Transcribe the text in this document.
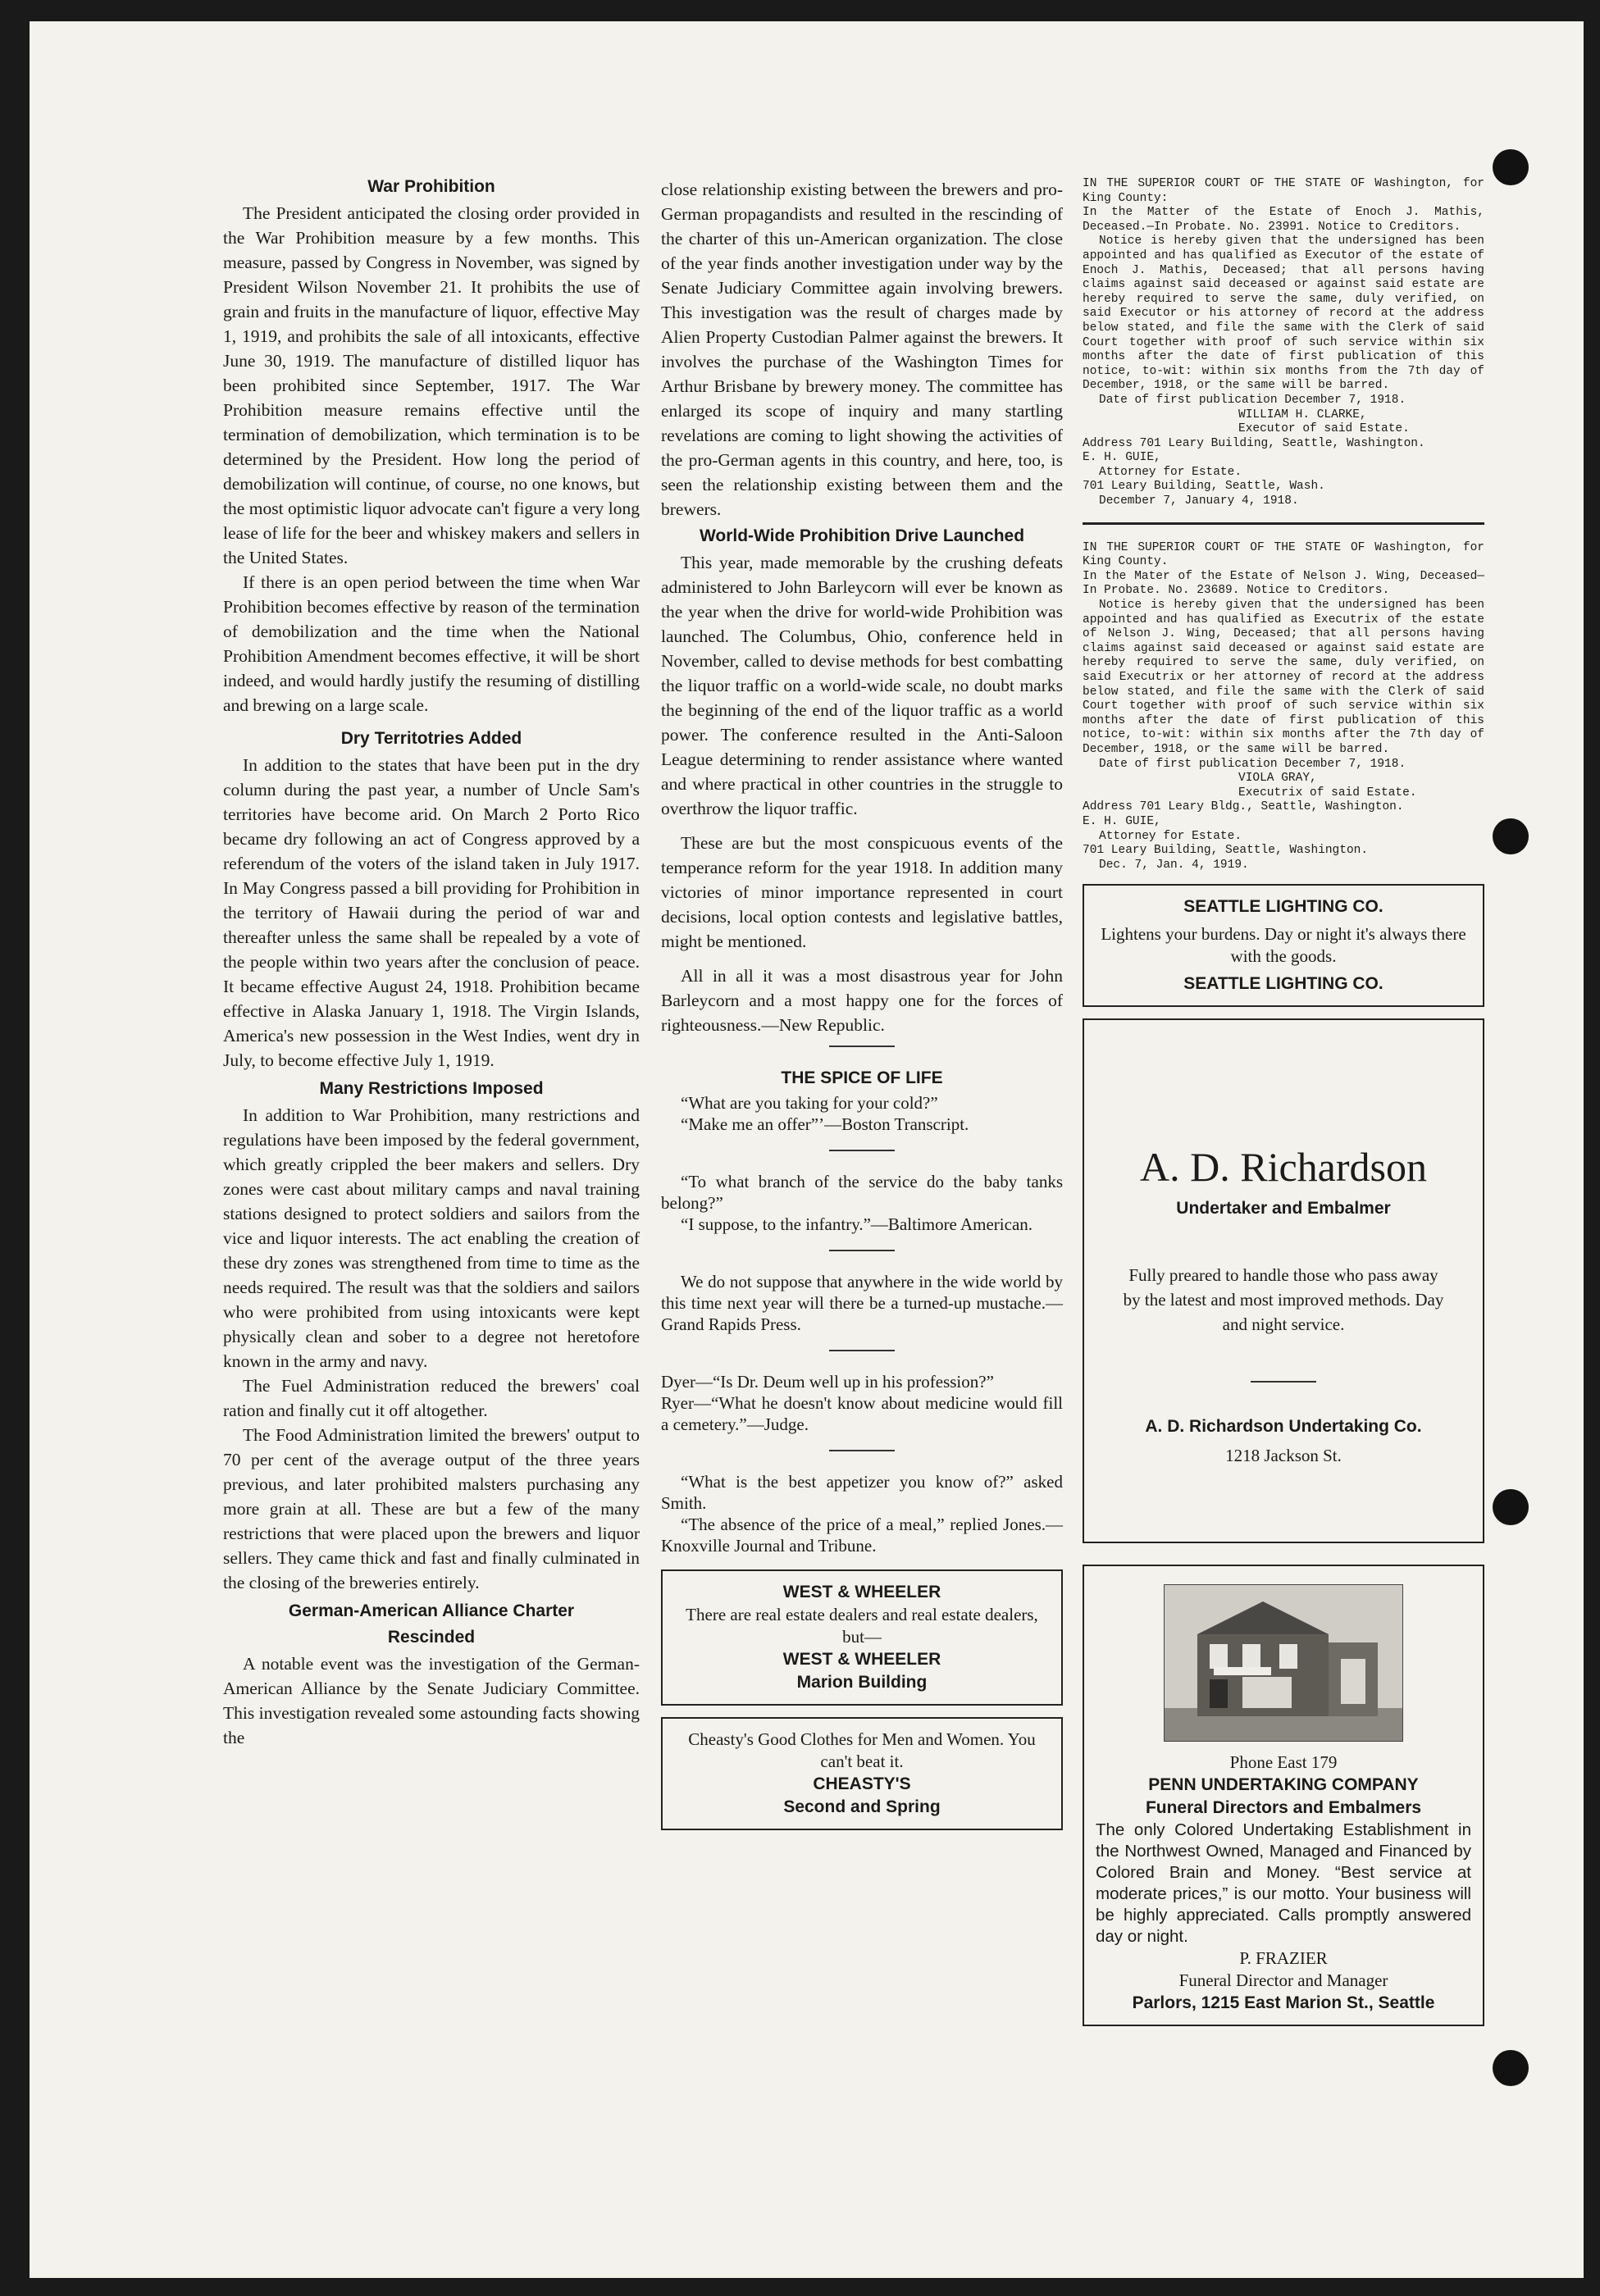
War Prohibition

The President anticipated the closing order provided in the War Prohibition measure by a few months. This measure, passed by Congress in November, was signed by President Wilson November 21. It prohibits the use of grain and fruits in the manufacture of liquor, effective May 1, 1919, and prohibits the sale of all intoxicants, effective June 30, 1919. The manufacture of distilled liquor has been prohibited since September, 1917. The War Prohibition measure remains effective until the termination of demobilization, which termination is to be determined by the President. How long the period of demobilization will continue, of course, no one knows, but the most optimistic liquor advocate can't figure a very long lease of life for the beer and whiskey makers and sellers in the United States.

If there is an open period between the time when War Prohibition becomes effective by reason of the termination of demobilization and the time when the National Prohibition Amendment becomes effective, it will be short indeed, and would hardly justify the resuming of distilling and brewing on a large scale.

Dry Territotries Added

In addition to the states that have been put in the dry column during the past year, a number of Uncle Sam's territories have become arid. On March 2 Porto Rico became dry following an act of Congress approved by a referendum of the voters of the island taken in July 1917. In May Congress passed a bill providing for Prohibition in the territory of Hawaii during the period of war and thereafter unless the same shall be repealed by a vote of the people within two years after the conclusion of peace. It became effective August 24, 1918. Prohibition became effective in Alaska January 1, 1918. The Virgin Islands, America's new possession in the West Indies, went dry in July, to become effective July 1, 1919.

Many Restrictions Imposed

In addition to War Prohibition, many restrictions and regulations have been imposed by the federal government, which greatly crippled the beer makers and sellers. Dry zones were cast about military camps and naval training stations designed to protect soldiers and sailors from the vice and liquor interests. The act enabling the creation of these dry zones was strengthened from time to time as the needs required. The result was that the soldiers and sailors who were prohibited from using intoxicants were kept physically clean and sober to a degree not heretofore known in the army and navy.

The Fuel Administration reduced the brewers' coal ration and finally cut it off altogether.

The Food Administration limited the brewers' output to 70 per cent of the average output of the three years previous, and later prohibited malsters purchasing any more grain at all. These are but a few of the many restrictions that were placed upon the brewers and liquor sellers. They came thick and fast and finally culminated in the closing of the breweries entirely.

German-American Alliance Charter
Rescinded

A notable event was the investigation of the German-American Alliance by the Senate Judiciary Committee. This investigation revealed some astounding facts showing the

close relationship existing between the brewers and pro-German propagandists and resulted in the rescinding of the charter of this un-American organization. The close of the year finds another investigation under way by the Senate Judiciary Committee again involving brewers. This investigation was the result of charges made by Alien Property Custodian Palmer against the brewers. It involves the purchase of the Washington Times for Arthur Brisbane by brewery money. The committee has enlarged its scope of inquiry and many startling revelations are coming to light showing the activities of the pro-German agents in this country, and here, too, is seen the relationship existing between them and the brewers.

World-Wide Prohibition Drive Launched

This year, made memorable by the crushing defeats administered to John Barleycorn will ever be known as the year when the drive for world-wide Prohibition was launched. The Columbus, Ohio, conference held in November, called to devise methods for best combatting the liquor traffic on a world-wide scale, no doubt marks the beginning of the end of the liquor traffic as a world power. The conference resulted in the Anti-Saloon League determining to render assistance where wanted and where practical in other countries in the struggle to overthrow the liquor traffic.

These are but the most conspicuous events of the temperance reform for the year 1918. In addition many victories of minor importance represented in court decisions, local option contests and legislative battles, might be mentioned.

All in all it was a most disastrous year for John Barleycorn and a most happy one for the forces of righteousness.—New Republic.

THE SPICE OF LIFE

“What are you taking for your cold?”

“Make me an offer”’—Boston Transcript.

“To what branch of the service do the baby tanks belong?”

“I suppose, to the infantry.”—Baltimore American.

We do not suppose that anywhere in the wide world by this time next year will there be a turned-up mustache.—Grand Rapids Press.

Dyer—“Is Dr. Deum well up in his profession?”

Ryer—“What he doesn't know about medicine would fill a cemetery.”—Judge.

“What is the best appetizer you know of?” asked Smith.

“The absence of the price of a meal,” replied Jones.—Knoxville Journal and Tribune.

WEST & WHEELER

There are real estate dealers and real estate dealers, but—

WEST & WHEELER

Marion Building

Cheasty's Good Clothes for Men and Women. You can't beat it.

CHEASTY'S

Second and Spring

IN THE SUPERIOR COURT OF THE STATE OF Washington, for King County:

In the Matter of the Estate of Enoch J. Mathis, Deceased.—In Probate. No. 23991. Notice to Creditors.

Notice is hereby given that the undersigned has been appointed and has qualified as Executor of the estate of Enoch J. Mathis, Deceased; that all persons having claims against said deceased or against said estate are hereby required to serve the same, duly verified, on said Executor or his attorney of record at the address below stated, and file the same with the Clerk of said Court together with proof of such service within six months after the date of first publication of this notice, to-wit: within six months from the 7th day of December, 1918, or the same will be barred.

Date of first publication December 7, 1918.

WILLIAM H. CLARKE,

Executor of said Estate.

Address 701 Leary Building, Seattle, Washington.

E. H. GUIE,

Attorney for Estate.

701 Leary Building, Seattle, Wash.

December 7, January 4, 1918.

IN THE SUPERIOR COURT OF THE STATE OF Washington, for King County.

In the Mater of the Estate of Nelson J. Wing, Deceased—In Probate. No. 23689. Notice to Creditors.

Notice is hereby given that the undersigned has been appointed and has qualified as Executrix of the estate of Nelson J. Wing, Deceased; that all persons having claims against said deceased or against said estate are hereby required to serve the same, duly verified, on said Executrix or her attorney of record at the address below stated, and file the same with the Clerk of said Court together with proof of such service within six months after the date of first publication of this notice, to-wit: within six months after the 7th day of December, 1918, or the same will be barred.

Date of first publication December 7, 1918.

VIOLA GRAY,

Executrix of said Estate.

Address 701 Leary Bldg., Seattle, Washington.

E. H. GUIE,

Attorney for Estate.

701 Leary Building, Seattle, Washington.

Dec. 7, Jan. 4, 1919.

SEATTLE LIGHTING CO.

Lightens your burdens. Day or night it's always there with the goods.

SEATTLE LIGHTING CO.

A. D. Richardson

Undertaker and Embalmer

Fully preared to handle those who pass away by the latest and most improved methods. Day and night service.

A. D. Richardson Undertaking Co.

1218 Jackson St.

Phone East 179

PENN UNDERTAKING COMPANY

Funeral Directors and Embalmers

The only Colored Undertaking Establishment in the Northwest Owned, Managed and Financed by Colored Brain and Money. “Best service at moderate prices,” is our motto. Your business will be highly appreciated. Calls promptly answered day or night.

P. FRAZIER

Funeral Director and Manager

Parlors, 1215 East Marion St., Seattle
